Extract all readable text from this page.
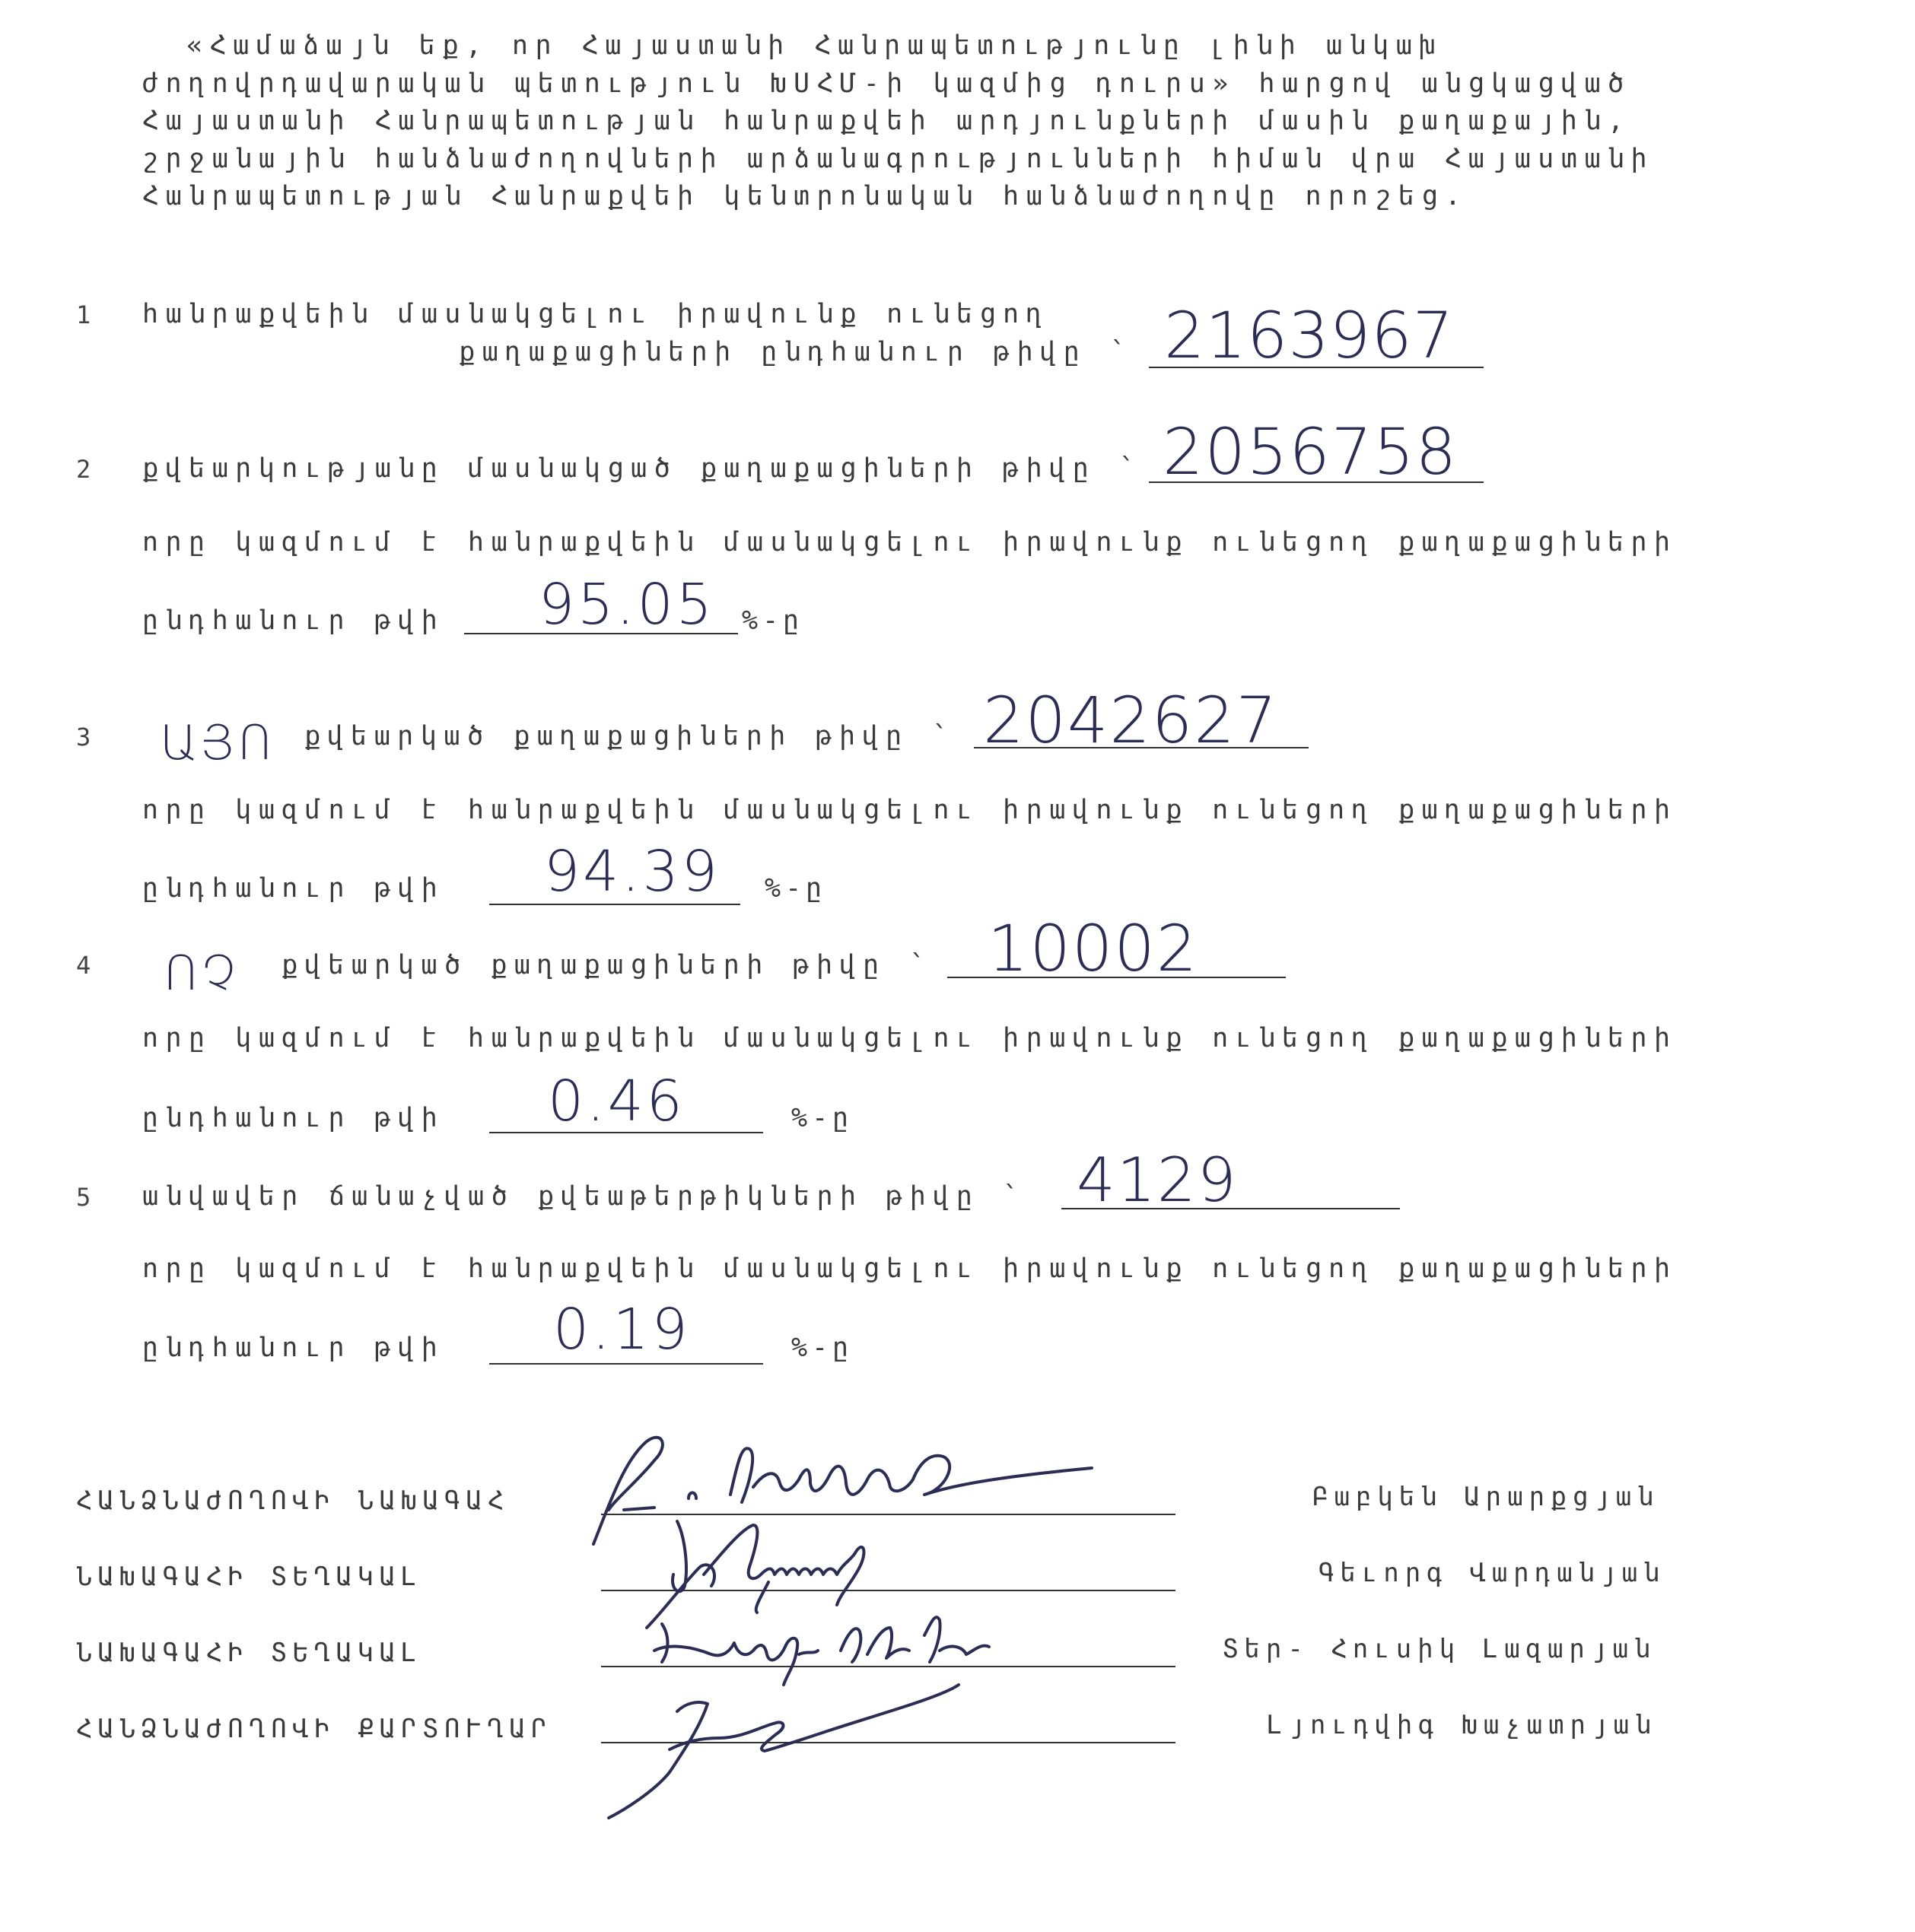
«Համաձայն եք, որ Հայաստանի Հանրապետությունը լինի անկախ

ժողովրդավարական պետություն ԽՍՀՄ-ի կազմից դուրս» հարցով անցկացված

Հայաստանի Հանրապետության հանրաքվեի արդյունքների մասին քաղաքային,

շրջանային հանձնաժողովների արձանագրությունների հիման վրա Հայաստանի

Հանրապետության Հանրաքվեի կենտրոնական հանձնաժողովը որոշեց.

1 հանրաքվեին մասնակցելու իրավունք ունեցող
քաղաքացիների ընդհանուր թիվը ` 2163967
2 քվեարկությանը մասնակցած քաղաքացիների թիվը ` 2056758
որը կազմում է հանրաքվեին մասնակցելու իրավունք ունեցող քաղաքացիների
ընդհանուր թվի 95.05 %-ը
3 ԱՅՈ քվեարկած քաղաքացիների թիվը ` 2042627
որը կազմում է հանրաքվեին մասնակցելու իրավունք ունեցող քաղաքացիների
ընդհանուր թվի 94.39 %-ը
4 ՈՉ քվեարկած քաղաքացիների թիվը ` 10002
որը կազմում է հանրաքվեին մասնակցելու իրավունք ունեցող քաղաքացիների
ընդհանուր թվի 0.46	%-ը
5 անվավեր ճանաչված քվեաթերթիկների թիվը ` 4129
որը կազմում է հանրաքվեին մասնակցելու իրավունք ունեցող քաղաքացիների
ընդհանուր թվի 0.19	%-ը
ՀԱՆՁՆԱԺՈՂՈՎԻ ՆԱԽԱԳԱՀ	Բաբկեն Արարքցյան
ՆԱԽԱԳԱՀԻ ՏԵՂԱԿԱԼ	Գեւորգ Վարդանյան
ՆԱԽԱԳԱՀԻ ՏԵՂԱԿԱԼ	Տեր- Հուսիկ Լազարյան
ՀԱՆՁՆԱԺՈՂՈՎԻ ՔԱՐՏՈՒՂԱՐ	Լյուդվիգ Խաչատրյան
